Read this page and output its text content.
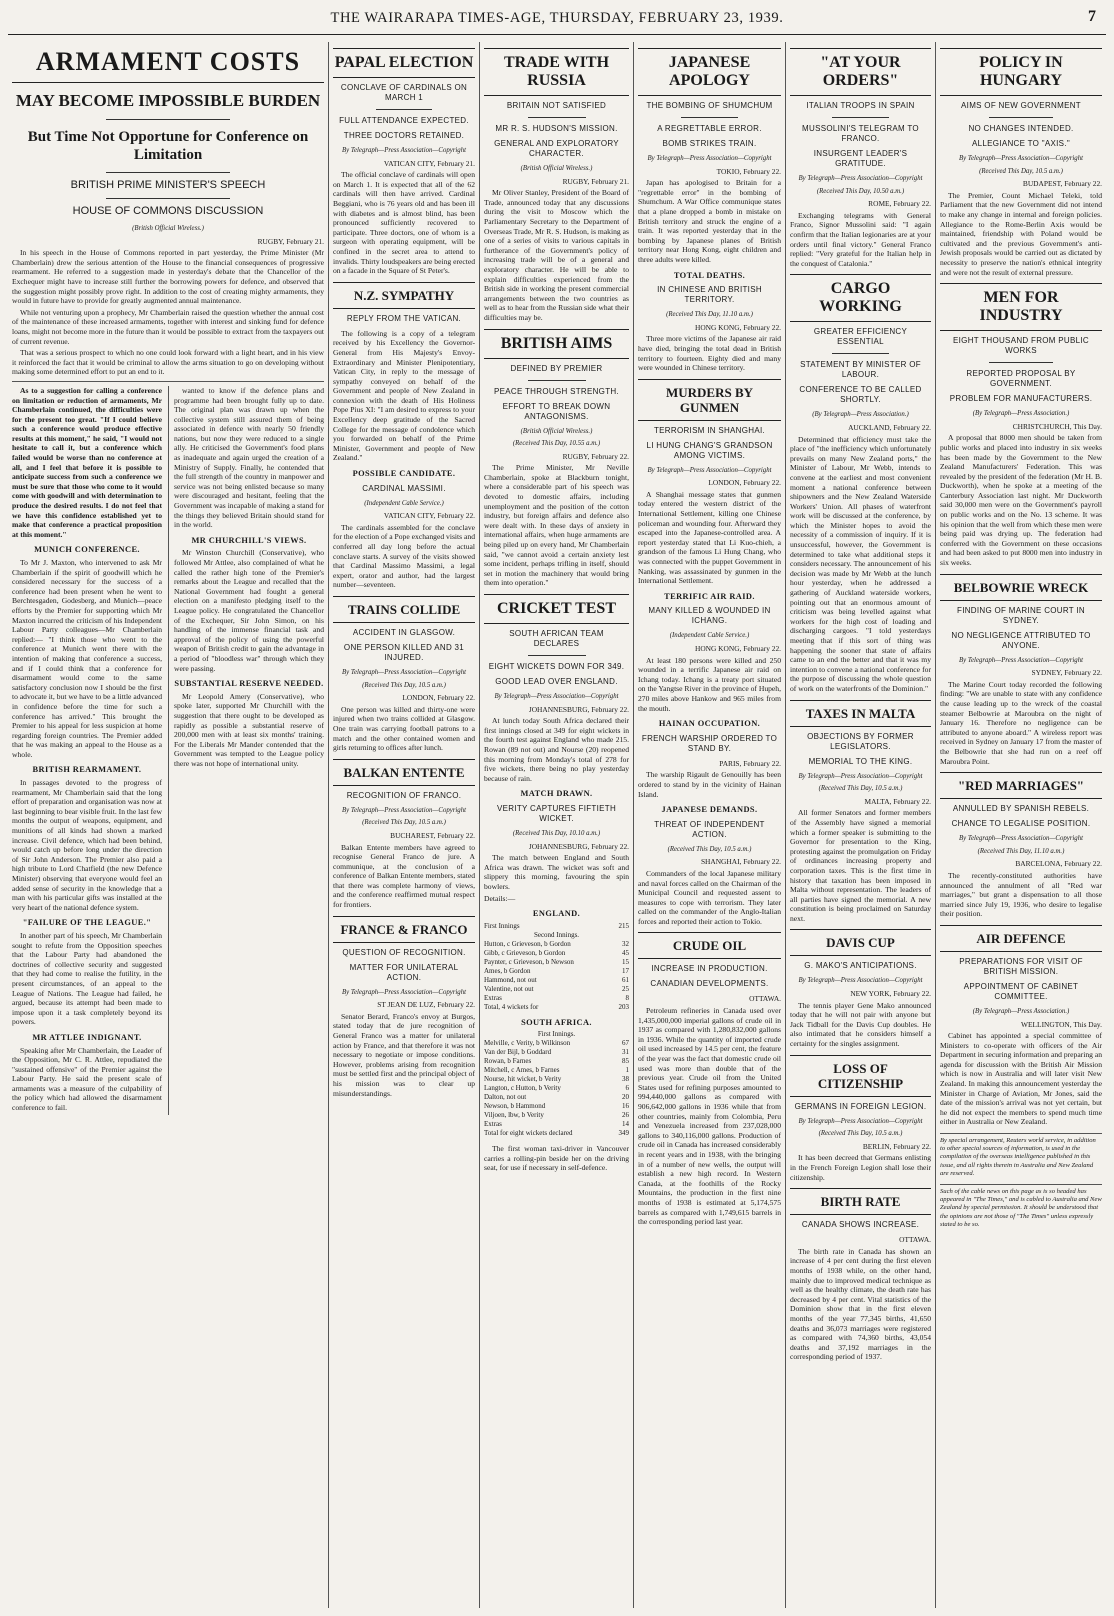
THE WAIRARAPA TIMES-AGE, THURSDAY, FEBRUARY 23, 1939.	7
ARMAMENT COSTS
MAY BECOME IMPOSSIBLE BURDEN
But Time Not Opportune for Conference on Limitation
BRITISH PRIME MINISTER'S SPEECH
HOUSE OF COMMONS DISCUSSION
(British Official Wireless.)
RUGBY, February 21.

In his speech in the House of Commons reported in part yesterday, the Prime Minister (Mr Chamberlain) drew the serious attention of the House to the financial consequences of progressive rearmament. He referred to a suggestion made in yesterday's debate that the Chancellor of the Exchequer might have to increase still further the borrowing powers for defence, and observed that the suggestion might possibly prove right. In addition to the cost of creating mighty armaments, they would in future have to provide for greatly augmented annual maintenance.

While not venturing upon a prophecy, Mr Chamberlain raised the question whether the annual cost of the maintenance of these increased armaments, together with interest and sinking fund for defence loans, might not become more in the future than it would be possible to extract from the taxpayers out of current revenue.

That was a serious prospect to which no one could look forward with a light heart, and in his view it reinforced the fact that it would be criminal to allow the arms situation to go on developing without making some determined effort to put an end to it.

As to a suggestion for calling a conference on limitation or reduction of armaments, Mr Chamberlain continued, the difficulties were for the present too great. "If I could believe such a conference would produce effective results at this moment," he said, "I would not hesitate to call it, but a conference which failed would be worse than no conference at all, and I feel that before it is possible to anticipate success from such a conference we must be sure that those who come to it would come with goodwill and with determination to produce the desired results. I do not feel that we have this confidence established yet to make that conference a practical proposition at this moment."

MUNICH CONFERENCE.

To Mr J. Maxton, who intervened to ask Mr Chamberlain if the spirit of goodwill which he considered necessary for the success of a conference had been present when he went to Berchtesgaden, Godesberg, and Munich—peace efforts by the Premier for supporting which Mr Maxton incurred the criticism of his Independent Labour Party colleagues—Mr Chamberlain replied:— "I think those who went to the conference at Munich went there with the intention of making that conference a success, and if I could think that a conference for disarmament would come to the same satisfactory conclusion now I should be the first to advocate it, but we have to be a little advanced in confidence before the time for such a conference has arrived." This brought the Premier to his appeal for less suspicion at home regarding foreign countries. The Premier added that he was making an appeal to the House as a whole.

BRITISH REARMAMENT.

In passages devoted to the progress of rearmament, Mr Chamberlain said that the long effort of preparation and organisation was now at last beginning to bear visible fruit. In the last few months the output of weapons, equipment, and munitions of all kinds had shown a marked increase. Civil defence, which had been behind, would catch up before long under the direction of Sir John Anderson. The Premier also paid a high tribute to Lord Chatfield (the new Defence Minister) observing that everyone would feel an added sense of security in the knowledge that a man with his particular gifts was installed at the very heart of the national defence system.

"FAILURE OF THE LEAGUE."

In another part of his speech, Mr Chamberlain sought to refute from the Opposition speeches that the Labour Party had abandoned the doctrines of collective security and suggested that they had come to realise the futility, in the present circumstances, of an appeal to the League of Nations. The League had failed, he argued, because its attempt had been made to impose upon it a task completely beyond its powers.

MR ATTLEE INDIGNANT.

Speaking after Mr Chamberlain, the Leader of the Opposition, Mr C. R. Attlee, repudiated the "sustained offensive" of the Premier against the Labour Party. He said the present scale of armaments was a measure of the culpability of the policy which had allowed the disarmament conference to fail.

wanted to know if the defence plans and programme had been brought fully up to date. The original plan was drawn up when the collective system still assured them of being associated in defence with nearly 50 friendly nations, but now they were reduced to a single ally. He criticised the Government's food plans as inadequate and again urged the creation of a Ministry of Supply. Finally, he contended that the full strength of the country in manpower and service was not being enlisted because so many were discouraged and hesitant, feeling that the Government was incapable of making a stand for the things they believed Britain should stand for in the world.

MR CHURCHILL'S VIEWS.

Mr Winston Churchill (Conservative), who followed Mr Attlee, also complained of what he called the rather high tone of the Premier's remarks about the League and recalled that the National Government had fought a general election on a manifesto pledging itself to the League policy. He congratulated the Chancellor of the Exchequer, Sir John Simon, on his handling of the immense financial task and approval of the policy of using the powerful weapon of British credit to gain the advantage in a period of "bloodless war" through which they were passing.

SUBSTANTIAL RESERVE NEEDED.

Mr Leopold Amery (Conservative), who spoke later, supported Mr Churchill with the suggestion that there ought to be developed as rapidly as possible a substantial reserve of 200,000 men with at least six months' training. For the Liberals Mr Mander contended that the Government was tempted to the League policy there was not hope of international unity.

PAPAL ELECTION
CONCLAVE OF CARDINALS ON MARCH 1
FULL ATTENDANCE EXPECTED.
THREE DOCTORS RETAINED.
By Telegraph—Press Association—Copyright
VATICAN CITY, February 21.

The official conclave of cardinals will open on March 1. It is expected that all of the 62 cardinals will then have arrived. Cardinal Beggiani, who is 76 years old and has been ill with diabetes and is almost blind, has been pronounced sufficiently recovered to participate. Three doctors, one of whom is a surgeon with operating equipment, will be confined in the secret area to attend to invalids. Thirty loudspeakers are being erected on a facade in the Square of St Peter's.

N.Z. SYMPATHY
REPLY FROM THE VATICAN.

The following is a copy of a telegram received by his Excellency the Governor-General from His Majesty's Envoy-Extraordinary and Minister Plenipotentiary, Vatican City, in reply to the message of sympathy conveyed on behalf of the Government and people of New Zealand in connexion with the death of His Holiness Pope Pius XI: "I am desired to express to your Excellency deep gratitude of the Sacred College for the message of condolence which you forwarded on behalf of the Prime Minister, Government and people of New Zealand."

POSSIBLE CANDIDATE.
CARDINAL MASSIMI.
(Independent Cable Service.)
VATICAN CITY, February 22.

The cardinals assembled for the conclave for the election of a Pope exchanged visits and conferred all day long before the actual conclave starts. A survey of the visits showed that Cardinal Massimo Massimi, a legal expert, orator and author, had the largest number—seventeen.

TRAINS COLLIDE
ACCIDENT IN GLASGOW.
ONE PERSON KILLED AND 31 INJURED.
By Telegraph—Press Association—Copyright
(Received This Day, 10.5 a.m.)
LONDON, February 22.

One person was killed and thirty-one were injured when two trains collided at Glasgow. One train was carrying football patrons to a match and the other contained women and girls returning to offices after lunch.

BALKAN ENTENTE
RECOGNITION OF FRANCO.
By Telegraph—Press Association—Copyright
(Received This Day, 10.5 a.m.)
BUCHAREST, February 22.

Balkan Entente members have agreed to recognise General Franco de jure. A communique, at the conclusion of a conference of Balkan Entente members, stated that there was complete harmony of views, and the conference reaffirmed mutual respect for frontiers.

FRANCE & FRANCO
QUESTION OF RECOGNITION.
MATTER FOR UNILATERAL ACTION.
By Telegraph—Press Association—Copyright
ST JEAN DE LUZ, February 22.

Senator Berard, Franco's envoy at Burgos, stated today that de jure recognition of General Franco was a matter for unilateral action by France, and that therefore it was not necessary to negotiate or impose conditions. However, problems arising from recognition must be settled first and the principal object of his mission was to clear up misunderstandings.

TRADE WITH RUSSIA
BRITAIN NOT SATISFIED
MR R. S. HUDSON'S MISSION.
GENERAL AND EXPLORATORY CHARACTER.
(British Official Wireless.)
RUGBY, February 21.

Mr Oliver Stanley, President of the Board of Trade, announced today that any discussions during the visit to Moscow which the Parliamentary Secretary to the Department of Overseas Trade, Mr R. S. Hudson, is making as one of a series of visits to various capitals in furtherance of the Government's policy of increasing trade will be of a general and exploratory character. He will be able to explain difficulties experienced from the British side in working the present commercial arrangements between the two countries as well as to hear from the Russian side what their difficulties may be.

BRITISH AIMS
DEFINED BY PREMIER
PEACE THROUGH STRENGTH.
EFFORT TO BREAK DOWN ANTAGONISMS.
(British Official Wireless.)
(Received This Day, 10.55 a.m.)
RUGBY, February 22.

The Prime Minister, Mr Neville Chamberlain, spoke at Blackburn tonight, where a considerable part of his speech was devoted to domestic affairs, including unemployment and the position of the cotton industry, but foreign affairs and defence also were dealt with. In these days of anxiety in international affairs, when huge armaments are being piled up on every hand, Mr Chamberlain said, "we cannot avoid a certain anxiety lest some incident, perhaps trifling in itself, should set in motion the machinery that would bring them into operation."

CRICKET TEST
SOUTH AFRICAN TEAM DECLARES
EIGHT WICKETS DOWN FOR 349.
GOOD LEAD OVER ENGLAND.
By Telegraph—Press Association—Copyright
JOHANNESBURG, February 22.

At lunch today South Africa declared their first innings closed at 349 for eight wickets in the fourth test against England who made 215. Rowan (89 not out) and Nourse (20) reopened this morning from Monday's total of 278 for five wickets, there being no play yesterday because of rain.

MATCH DRAWN.
VERITY CAPTURES FIFTIETH WICKET.
(Received This Day, 10.10 a.m.)
JOHANNESBURG, February 22.

The match between England and South Africa was drawn. The wicket was soft and slippery this morning, favouring the spin bowlers.

Details:—
ENGLAND.
First Innings	215
Second Innings.	
Hutton, c Grieveson, b Gordon	32
Gibb, c Grieveson, b Gordon	45
Paynter, c Grieveson, b Newson	15
Ames, b Gordon	17
Hammond, not out	61
Valentine, not out	25
Extras	8
Total, 4 wickets for	203
SOUTH AFRICA.
First Innings.	
Melville, c Verity, b Wilkinson	67
Van der Bijl, b Goddard	31
Rowan, b Farnes	85
Mitchell, c Ames, b Farnes	1
Nourse, hit wicket, b Verity	38
Langton, c Hutton, b Verity	6
Dalton, not out	20
Newson, b Hammond	16
Viljoen, lbw, b Verity	26
Extras	14
Total for eight wickets declared	349

The first woman taxi-driver in Vancouver carries a rolling-pin beside her on the driving seat, for use if necessary in self-defence.

JAPANESE APOLOGY
THE BOMBING OF SHUMCHUM
A REGRETTABLE ERROR.
BOMB STRIKES TRAIN.
By Telegraph—Press Association—Copyright
TOKIO, February 22.

Japan has apologised to Britain for a "regrettable error" in the bombing of Shumchum. A War Office communique states that a plane dropped a bomb in mistake on British territory and struck the engine of a train. It was reported yesterday that in the bombing by Japanese planes of British territory near Hong Kong, eight children and three adults were killed.

TOTAL DEATHS.
IN CHINESE AND BRITISH TERRITORY.
(Received This Day, 11.10 a.m.)
HONG KONG, February 22.

Three more victims of the Japanese air raid have died, bringing the total dead in British territory to fourteen. Eighty died and many were wounded in Chinese territory.

MURDERS BY GUNMEN
TERRORISM IN SHANGHAI.
LI HUNG CHANG'S GRANDSON AMONG VICTIMS.
By Telegraph—Press Association—Copyright
LONDON, February 22.

A Shanghai message states that gunmen today entered the western district of the International Settlement, killing one Chinese policeman and wounding four. Afterward they escaped into the Japanese-controlled area. A report yesterday stated that Li Kuo-chieh, a grandson of the famous Li Hung Chang, who was connected with the puppet Government in Nanking, was assassinated by gunmen in the International Settlement.

TERRIFIC AIR RAID.
MANY KILLED & WOUNDED IN ICHANG.
(Independent Cable Service.)
HONG KONG, February 22.

At least 180 persons were killed and 250 wounded in a terrific Japanese air raid on Ichang today. Ichang is a treaty port situated on the Yangtse River in the province of Hupeh, 270 miles above Hankow and 965 miles from the mouth.

HAINAN OCCUPATION.
FRENCH WARSHIP ORDERED TO STAND BY.
PARIS, February 22.

The warship Rigault de Genouilly has been ordered to stand by in the vicinity of Hainan Island.

JAPANESE DEMANDS.
THREAT OF INDEPENDENT ACTION.
(Received This Day, 10.5 a.m.)
SHANGHAI, February 22.

Commanders of the local Japanese military and naval forces called on the Chairman of the Municipal Council and requested assent to measures to cope with terrorism. They later called on the commander of the Anglo-Italian forces and reported their action to Tokio.

CRUDE OIL
INCREASE IN PRODUCTION.
CANADIAN DEVELOPMENTS.
OTTAWA.

Petroleum refineries in Canada used over 1,435,000,000 imperial gallons of crude oil in 1937 as compared with 1,280,832,000 gallons in 1936. While the quantity of imported crude oil used increased by 14.5 per cent, the feature of the year was the fact that domestic crude oil used was more than double that of the previous year. Crude oil from the United States used for refining purposes amounted to 994,440,000 gallons as compared with 906,642,000 gallons in 1936 while that from other countries, mainly from Colombia, Peru and Venezuela increased from 237,028,000 gallons to 340,116,000 gallons. Production of crude oil in Canada has increased considerably in recent years and in 1938, with the bringing in of a number of new wells, the output will establish a new high record. In Western Canada, at the foothills of the Rocky Mountains, the production in the first nine months of 1938 is estimated at 5,174,575 barrels as compared with 1,749,615 barrels in the corresponding period last year.

"AT YOUR ORDERS"
ITALIAN TROOPS IN SPAIN
MUSSOLINI'S TELEGRAM TO FRANCO.
INSURGENT LEADER'S GRATITUDE.
By Telegraph—Press Association—Copyright
(Received This Day, 10.50 a.m.)
ROME, February 22.

Exchanging telegrams with General Franco, Signor Mussolini said: "I again confirm that the Italian legionaries are at your orders until final victory." General Franco replied: "Very grateful for the Italian help in the conquest of Catalonia."

CARGO WORKING
GREATER EFFICIENCY ESSENTIAL
STATEMENT BY MINISTER OF LABOUR.
CONFERENCE TO BE CALLED SHORTLY.
(By Telegraph—Press Association.)
AUCKLAND, February 22.

Determined that efficiency must take the place of "the inefficiency which unfortunately prevails on many New Zealand ports," the Minister of Labour, Mr Webb, intends to convene at the earliest and most convenient moment a national conference between shipowners and the New Zealand Waterside Workers' Union. All phases of waterfront work will be discussed at the conference, by which the Minister hopes to avoid the necessity of a commission of inquiry. If it is unsuccessful, however, the Government is determined to take what additional steps it considers necessary. The announcement of his decision was made by Mr Webb at the lunch hour yesterday, when he addressed a gathering of Auckland waterside workers, pointing out that an enormous amount of criticism was being levelled against what workers for the high cost of loading and discharging cargoes. "I told yesterdays meeting that if this sort of thing was happening the sooner that state of affairs came to an end the better and that it was my intention to convene a national conference for the purpose of discussing the whole question of work on the waterfronts of the Dominion."

TAXES IN MALTA
OBJECTIONS BY FORMER LEGISLATORS.
MEMORIAL TO THE KING.
By Telegraph—Press Association—Copyright
(Received This Day, 10.5 a.m.)
MALTA, February 22.

All former Senators and former members of the Assembly have signed a memorial which a former speaker is submitting to the Governor for presentation to the King, protesting against the promulgation on Friday of ordinances increasing property and corporation taxes. This is the first time in history that taxation has been imposed in Malta without representation. The leaders of all parties have signed the memorial. A new constitution is being proclaimed on Saturday next.

DAVIS CUP
G. MAKO'S ANTICIPATIONS.
By Telegraph—Press Association—Copyright
NEW YORK, February 22.

The tennis player Gene Mako announced today that he will not pair with anyone but Jack Tidball for the Davis Cup doubles. He also intimated that he considers himself a certainty for the singles assignment.

LOSS OF CITIZENSHIP
GERMANS IN FOREIGN LEGION.
By Telegraph—Press Association—Copyright
(Received This Day, 10.5 a.m.)
BERLIN, February 22.

It has been decreed that Germans enlisting in the French Foreign Legion shall lose their citizenship.

BIRTH RATE
CANADA SHOWS INCREASE.
OTTAWA.

The birth rate in Canada has shown an increase of 4 per cent during the first eleven months of 1938 while, on the other hand, mainly due to improved medical technique as well as the healthy climate, the death rate has decreased by 4 per cent. Vital statistics of the Dominion show that in the first eleven months of the year 77,345 births, 41,650 deaths and 36,073 marriages were registered as compared with 74,360 births, 43,054 deaths and 37,192 marriages in the corresponding period of 1937.

POLICY IN HUNGARY
AIMS OF NEW GOVERNMENT
NO CHANGES INTENDED.
ALLEGIANCE TO "AXIS."
By Telegraph—Press Association—Copyright
(Received This Day, 10.5 a.m.)
BUDAPEST, February 22.

The Premier, Count Michael Teleki, told Parliament that the new Government did not intend to make any change in internal and foreign policies. Allegiance to the Rome-Berlin Axis would be maintained, friendship with Poland would be cultivated and the previous Government's anti-Jewish proposals would be carried out as dictated by necessity to preserve the nation's ethnical integrity and were not the result of external pressure.

MEN FOR INDUSTRY
EIGHT THOUSAND FROM PUBLIC WORKS
REPORTED PROPOSAL BY GOVERNMENT.
PROBLEM FOR MANUFACTURERS.
(By Telegraph—Press Association.)
CHRISTCHURCH, This Day.

A proposal that 8000 men should be taken from public works and placed into industry in six weeks has been made by the Government to the New Zealand Manufacturers' Federation. This was revealed by the president of the federation (Mr H. B. Duckworth), when he spoke at a meeting of the Canterbury Association last night. Mr Duckworth said 30,000 men were on the Government's payroll on public works and on the No. 13 scheme. It was his opinion that the well from which these men were being paid was drying up. The federation had conferred with the Government on these occasions and had been asked to put 8000 men into industry in six weeks.

BELBOWRIE WRECK
FINDING OF MARINE COURT IN SYDNEY.
NO NEGLIGENCE ATTRIBUTED TO ANYONE.
By Telegraph—Press Association—Copyright
SYDNEY, February 22.

The Marine Court today recorded the following finding: "We are unable to state with any confidence the cause leading up to the wreck of the coastal steamer Belbowrie at Maroubra on the night of January 16. Therefore no negligence can be attributed to anyone aboard." A wireless report was received in Sydney on January 17 from the master of the Belbowrie that she had run on a reef off Maroubra Point.

"RED MARRIAGES"
ANNULLED BY SPANISH REBELS.
CHANCE TO LEGALISE POSITION.
By Telegraph—Press Association—Copyright
(Received This Day, 11.10 a.m.)
BARCELONA, February 22.

The recently-constituted authorities have announced the annulment of all "Red war marriages," but grant a dispensation to all those married since July 19, 1936, who desire to legalise their position.

AIR DEFENCE
PREPARATIONS FOR VISIT OF BRITISH MISSION.
APPOINTMENT OF CABINET COMMITTEE.
(By Telegraph—Press Association.)
WELLINGTON, This Day.

Cabinet has appointed a special committee of Ministers to co-operate with officers of the Air Department in securing information and preparing an agenda for discussion with the British Air Mission which is now in Australia and will later visit New Zealand. In making this announcement yesterday the Minister in Charge of Aviation, Mr Jones, said the date of the mission's arrival was not yet certain, but he did not expect the members to spend much time either in Australia or New Zealand.

By special arrangement, Reuters world service, in addition to other special sources of information, is used in the compilation of the overseas intelligence published in this issue, and all rights therein in Australia and New Zealand are reserved.
Such of the cable news on this page as is so headed has appeared in "The Times," and is cabled to Australia and New Zealand by special permission. It should be understood that the opinions are not those of "The Times" unless expressly stated to be so.
